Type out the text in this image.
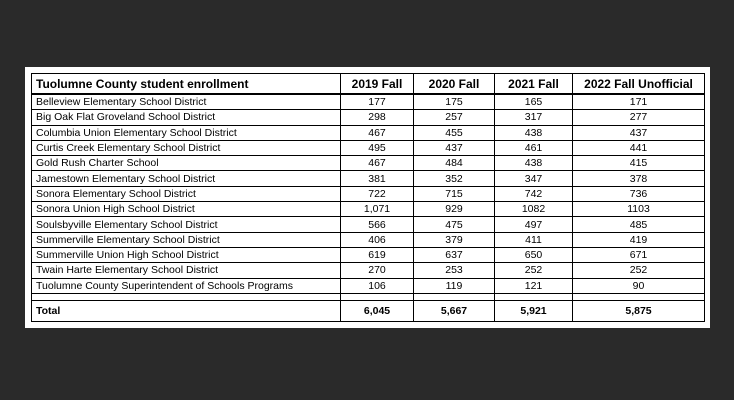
Tuolumne County student enrollment	2019 Fall	2020 Fall	2021 Fall	2022 Fall Unofficial
Belleview Elementary School District	177	175	165	171
Big Oak Flat Groveland School District	298	257	317	277
Columbia Union Elementary School District	467	455	438	437
Curtis Creek Elementary School District	495	437	461	441
Gold Rush Charter School	467	484	438	415
Jamestown Elementary School District	381	352	347	378
Sonora Elementary School District	722	715	742	736
Sonora Union High School District	1,071	929	1082	1103
Soulsbyville Elementary School District	566	475	497	485
Summerville Elementary School District	406	379	411	419
Summerville Union High School District	619	637	650	671
Twain Harte Elementary School District	270	253	252	252
Tuolumne County Superintendent of Schools Programs	106	119	121	90

Total	6,045	5,667	5,921	5,875
